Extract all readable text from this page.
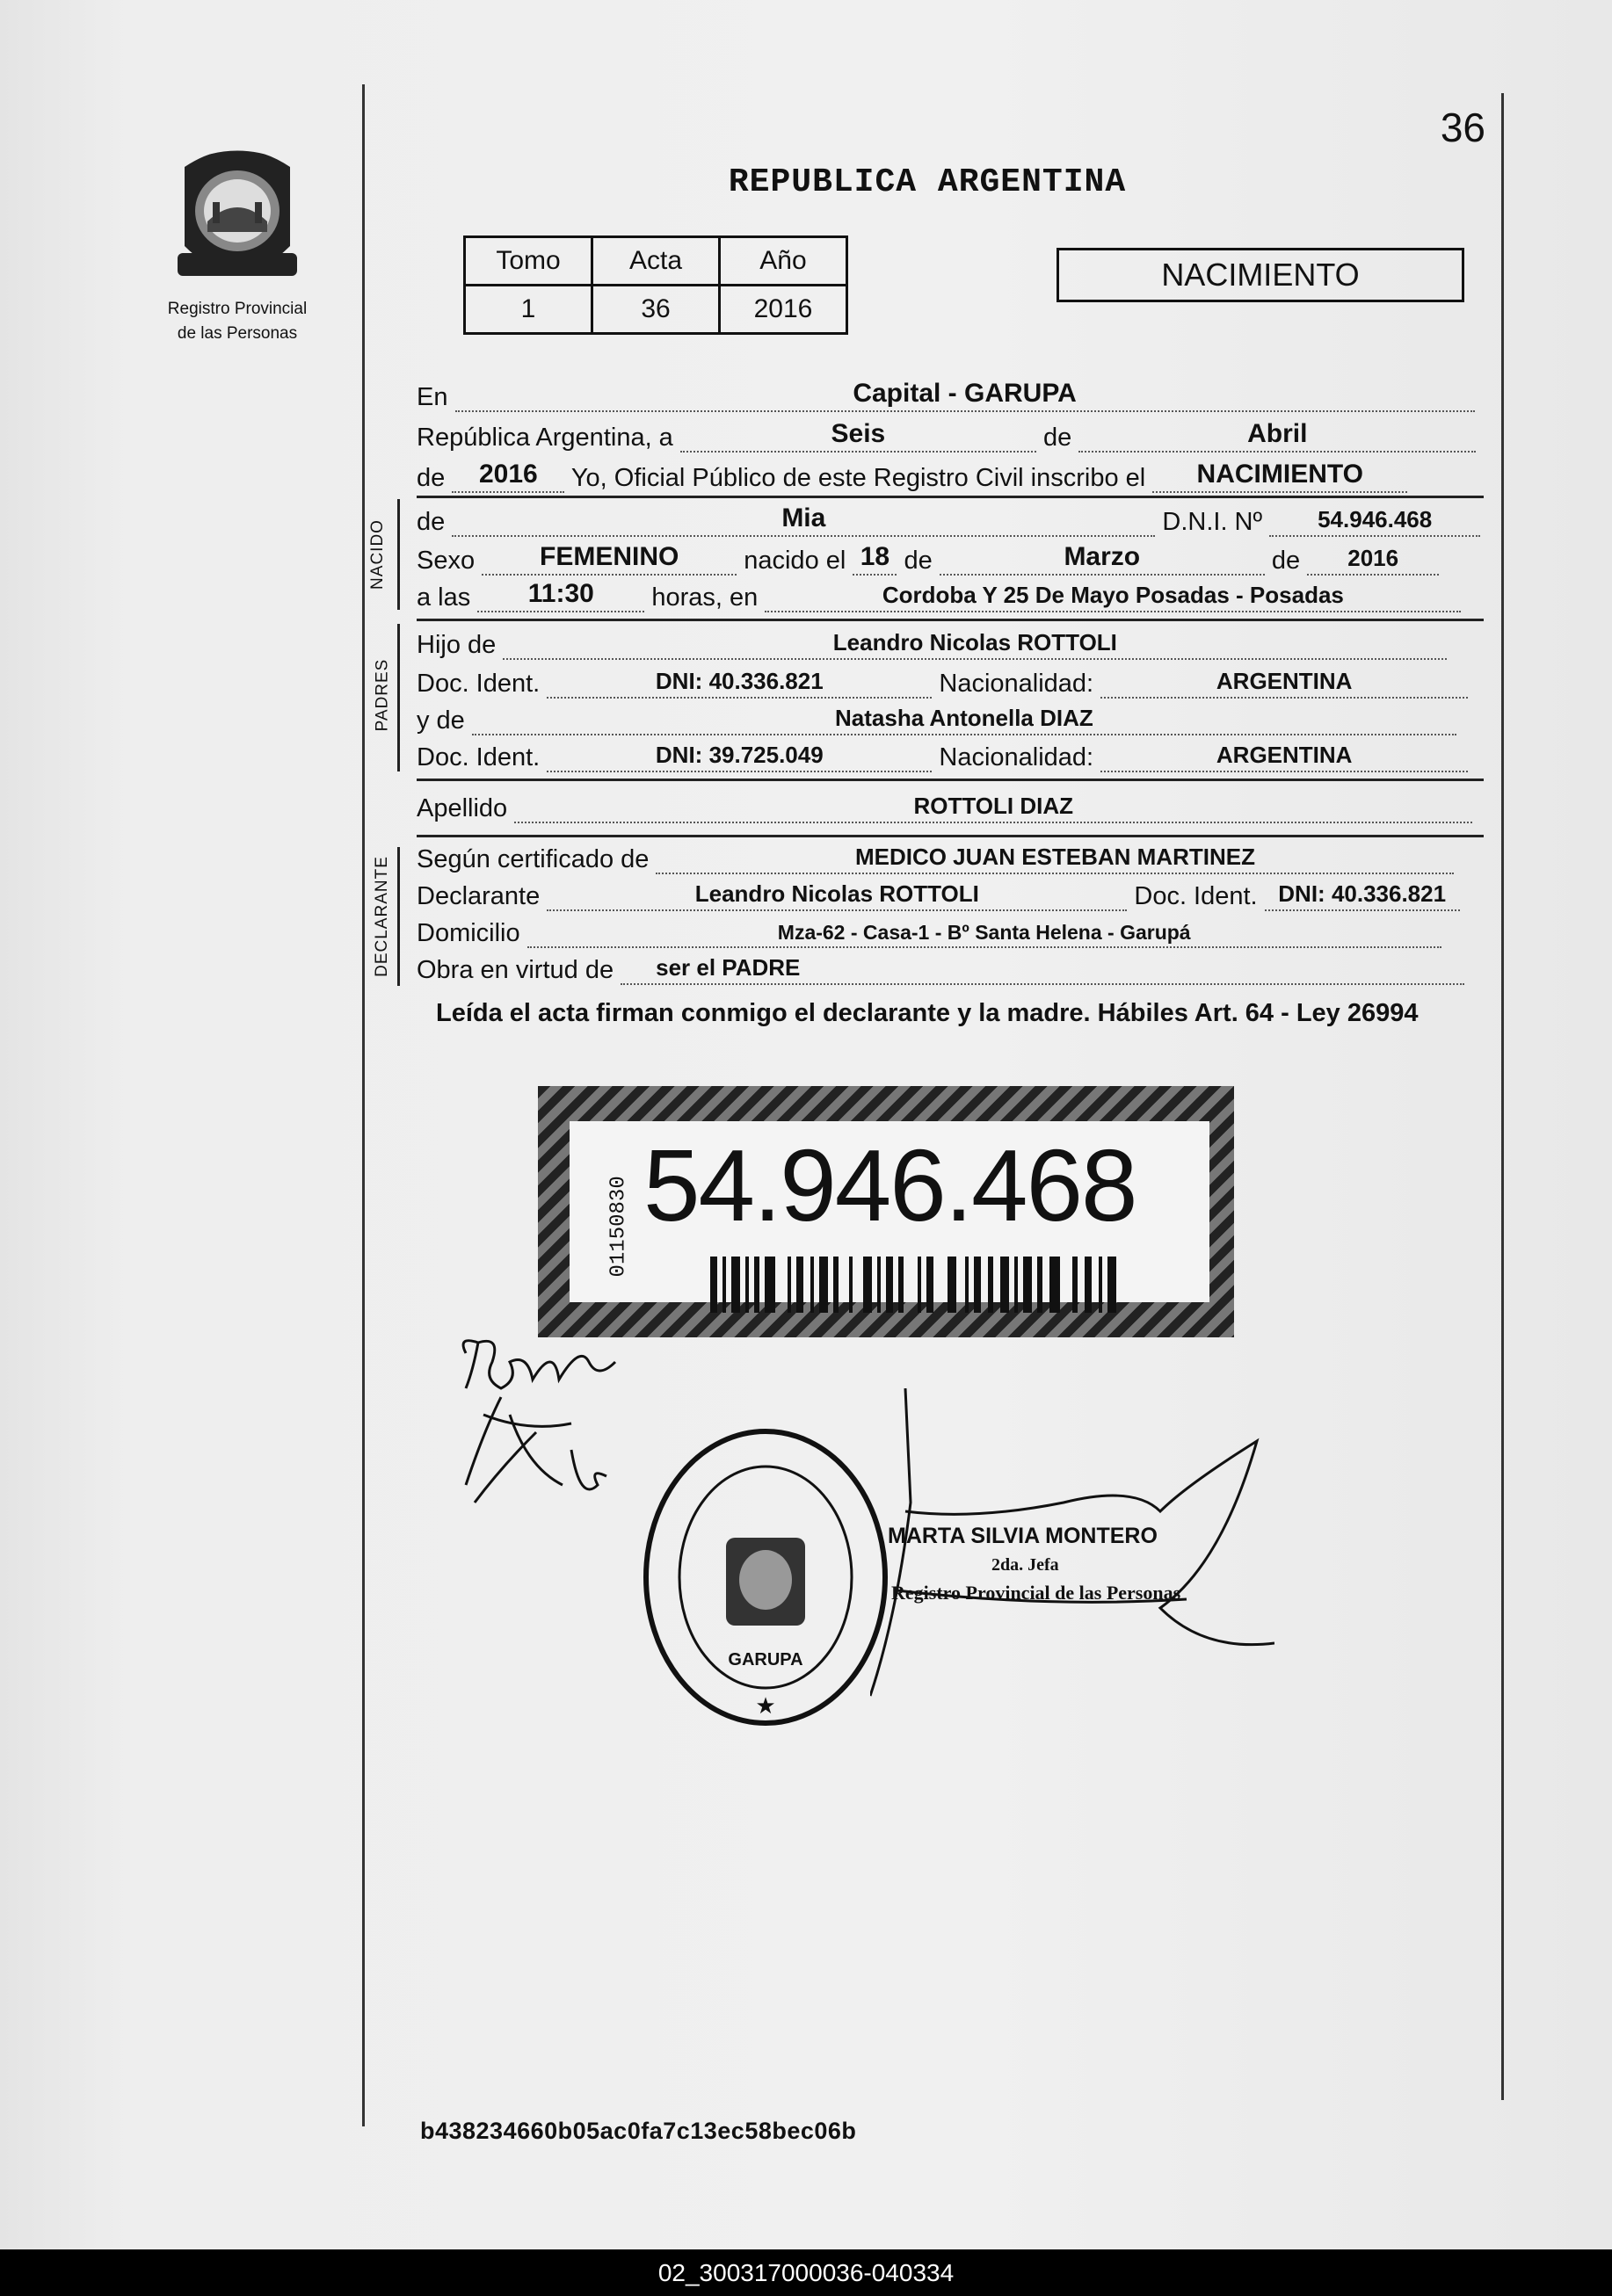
36
REPUBLICA ARGENTINA
Registro Provincial
de las Personas
Tomo	Acta	Año
1	36	2016
NACIMIENTO
En	Capital - GARUPA
República Argentina, a	Seis	de	Abril
de	2016	Yo, Oficial Público de este Registro Civil inscribo el	NACIMIENTO
NACIDO de	Mia	D.N.I. Nº	54.946.468
Sexo	FEMENINO	nacido el 18 de	Marzo	de	2016
a las	11:30	horas, en	Cordoba Y 25 De Mayo Posadas - Posadas
PADRES
Hijo de	Leandro Nicolas ROTTOLI
Doc. Ident.	DNI: 40.336.821	Nacionalidad:	ARGENTINA
y de	Natasha Antonella DIAZ
Doc. Ident.	DNI: 39.725.049	Nacionalidad:	ARGENTINA
Apellido	ROTTOLI DIAZ
DECLARANTE Según certificado de	MEDICO JUAN ESTEBAN MARTINEZ
Declarante	Leandro Nicolas ROTTOLI	Doc. Ident. DNI: 40.336.821
Domicilio	Mza-62 - Casa-1 - Bº Santa Helena - Garupá
Obra en virtud de ser el PADRE
Leída el acta firman conmigo el declarante y la madre. Hábiles Art. 64 - Ley 26994
01150830 54.946.468
GARUPA
★
MARTA SILVIA MONTERO
2da. Jefa
Registro Provincial de las Personas
b438234660b05ac0fa7c13ec58bec06b
02_300317000036-040334
